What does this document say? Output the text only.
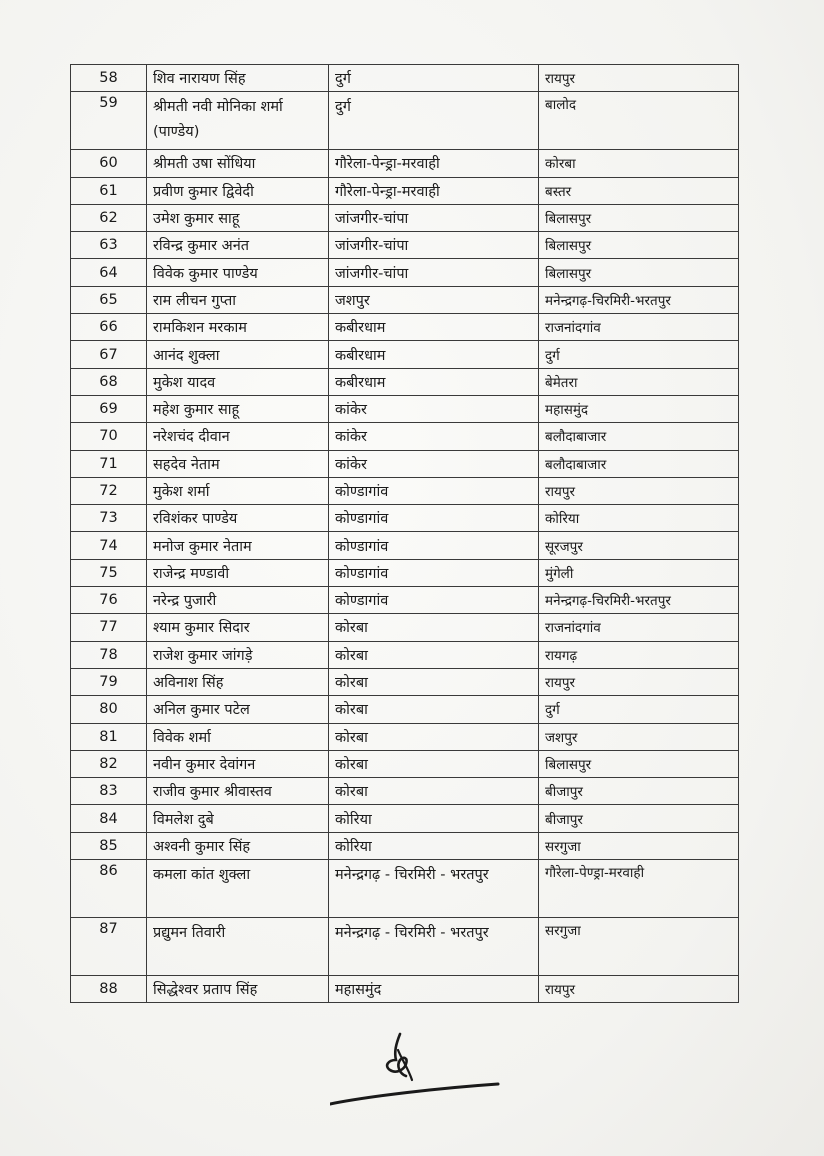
58	शिव नारायण सिंह	दुर्ग	रायपुर
59	श्रीमती नवी मोनिका शर्मा (पाण्डेय)	दुर्ग	बालोद
60	श्रीमती उषा सोंधिया	गौरेला-पेन्ड्रा-मरवाही	कोरबा
61	प्रवीण कुमार द्विवेदी	गौरेला-पेन्ड्रा-मरवाही	बस्तर
62	उमेश कुमार साहू	जांजगीर-चांपा	बिलासपुर
63	रविन्द्र कुमार अनंत	जांजगीर-चांपा	बिलासपुर
64	विवेक कुमार पाण्डेय	जांजगीर-चांपा	बिलासपुर
65	राम लीचन गुप्ता	जशपुर	मनेन्द्रगढ़-चिरमिरी-भरतपुर
66	रामकिशन मरकाम	कबीरधाम	राजनांदगांव
67	आनंद शुक्ला	कबीरधाम	दुर्ग
68	मुकेश यादव	कबीरधाम	बेमेतरा
69	महेश कुमार साहू	कांकेर	महासमुंद
70	नरेशचंद दीवान	कांकेर	बलौदाबाजार
71	सहदेव नेताम	कांकेर	बलौदाबाजार
72	मुकेश शर्मा	कोण्डागांव	रायपुर
73	रविशंकर पाण्डेय	कोण्डागांव	कोरिया
74	मनोज कुमार नेताम	कोण्डागांव	सूरजपुर
75	राजेन्द्र मण्डावी	कोण्डागांव	मुंगेली
76	नरेन्द्र पुजारी	कोण्डागांव	मनेन्द्रगढ़-चिरमिरी-भरतपुर
77	श्याम कुमार सिदार	कोरबा	राजनांदगांव
78	राजेश कुमार जांगड़े	कोरबा	रायगढ़
79	अविनाश सिंह	कोरबा	रायपुर
80	अनिल कुमार पटेल	कोरबा	दुर्ग
81	विवेक शर्मा	कोरबा	जशपुर
82	नवीन कुमार देवांगन	कोरबा	बिलासपुर
83	राजीव कुमार श्रीवास्तव	कोरबा	बीजापुर
84	विमलेश दुबे	कोरिया	बीजापुर
85	अश्वनी कुमार सिंह	कोरिया	सरगुजा
86	कमला कांत शुक्ला	मनेन्द्रगढ़ - चिरमिरी - भरतपुर	गौरेला-पेण्ड्रा-मरवाही
87	प्रद्युमन तिवारी	मनेन्द्रगढ़ - चिरमिरी - भरतपुर	सरगुजा
88	सिद्धेश्वर प्रताप सिंह	महासमुंद	रायपुर
